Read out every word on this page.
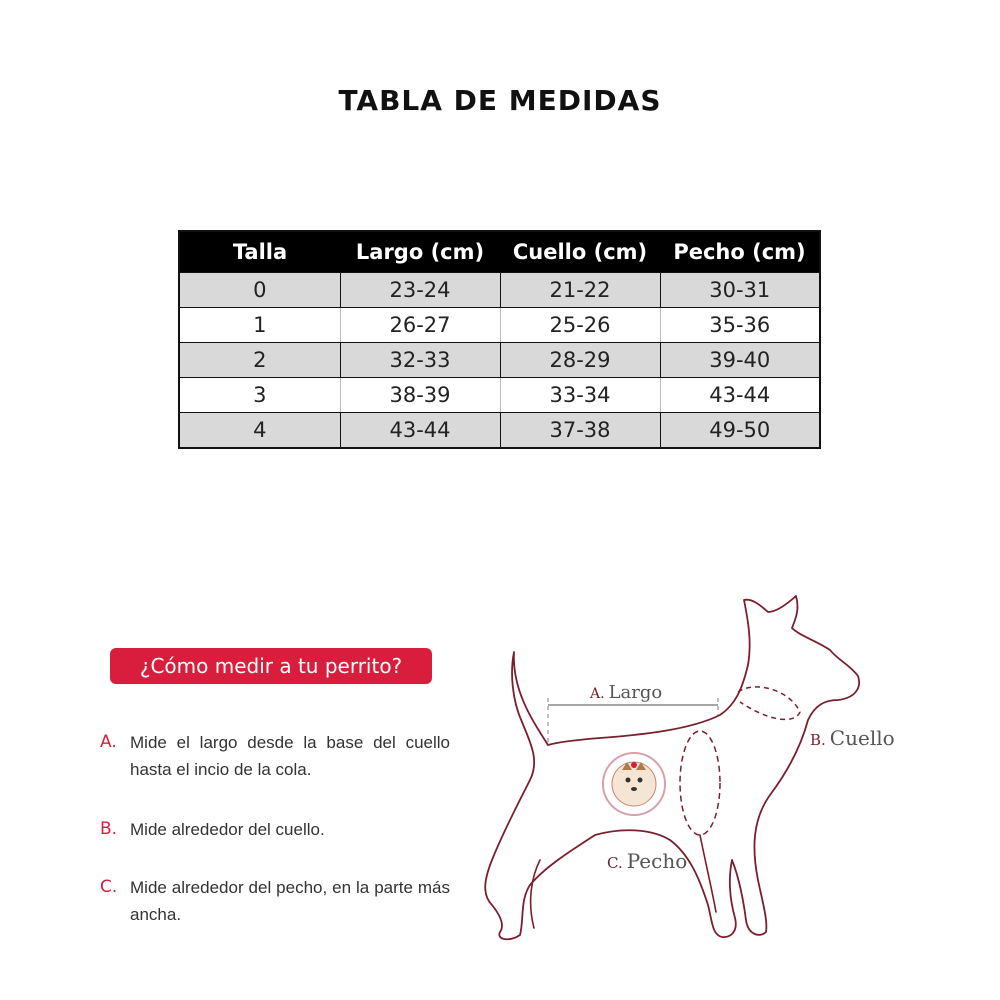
TABLA DE MEDIDAS
Talla	Largo (cm)	Cuello (cm)	Pecho (cm)
0	23-24	21-22	30-31
1	26-27	25-26	35-36
2	32-33	28-29	39-40
3	38-39	33-34	43-44
4	43-44	37-38	49-50
¿Cómo medir a tu perrito?
A. Mide el largo desde la base del cuello hasta el incio de la cola.
B. Mide alrededor del cuello.
C. Mide alrededor del pecho, en la parte más ancha.
A. Largo
B. Cuello
C. Pecho
